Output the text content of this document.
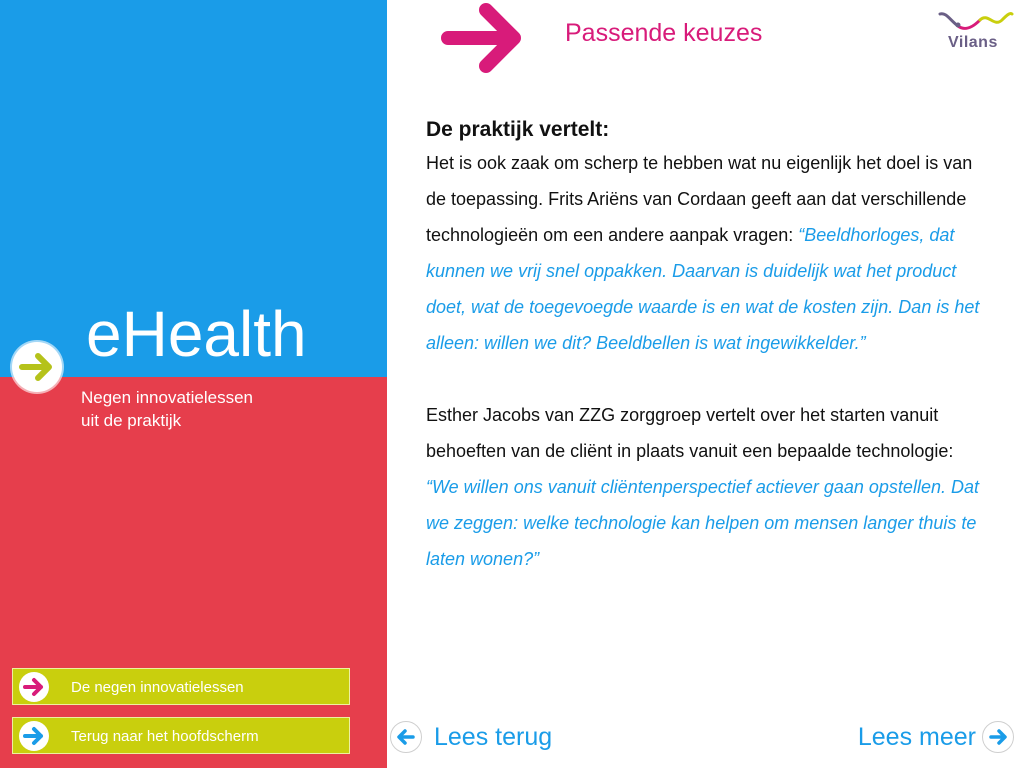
eHealth
Negen innovatielessen
uit de praktijk
De negen innovatielessen
Terug naar het hoofdscherm
Passende keuzes	Vilans
De praktijk vertelt:

Het is ook zaak om scherp te hebben wat nu eigenlijk het doel is van de toepassing. Frits Ariëns van Cordaan geeft aan dat verschillende technologieën om een andere aanpak vragen: “Beeldhorloges, dat kunnen we vrij snel oppakken. Daarvan is duidelijk wat het product doet, wat de toegevoegde waarde is en wat de kosten zijn. Dan is het alleen: willen we dit? Beeldbellen is wat ingewikkelder.”

Esther Jacobs van ZZG zorggroep vertelt over het starten vanuit behoeften van de cliënt in plaats vanuit een bepaalde technologie: “We willen ons vanuit cliëntenperspectief actiever gaan opstellen. Dat we zeggen: welke technologie kan helpen om mensen langer thuis te laten wonen?”

Lees terug	Lees meer
